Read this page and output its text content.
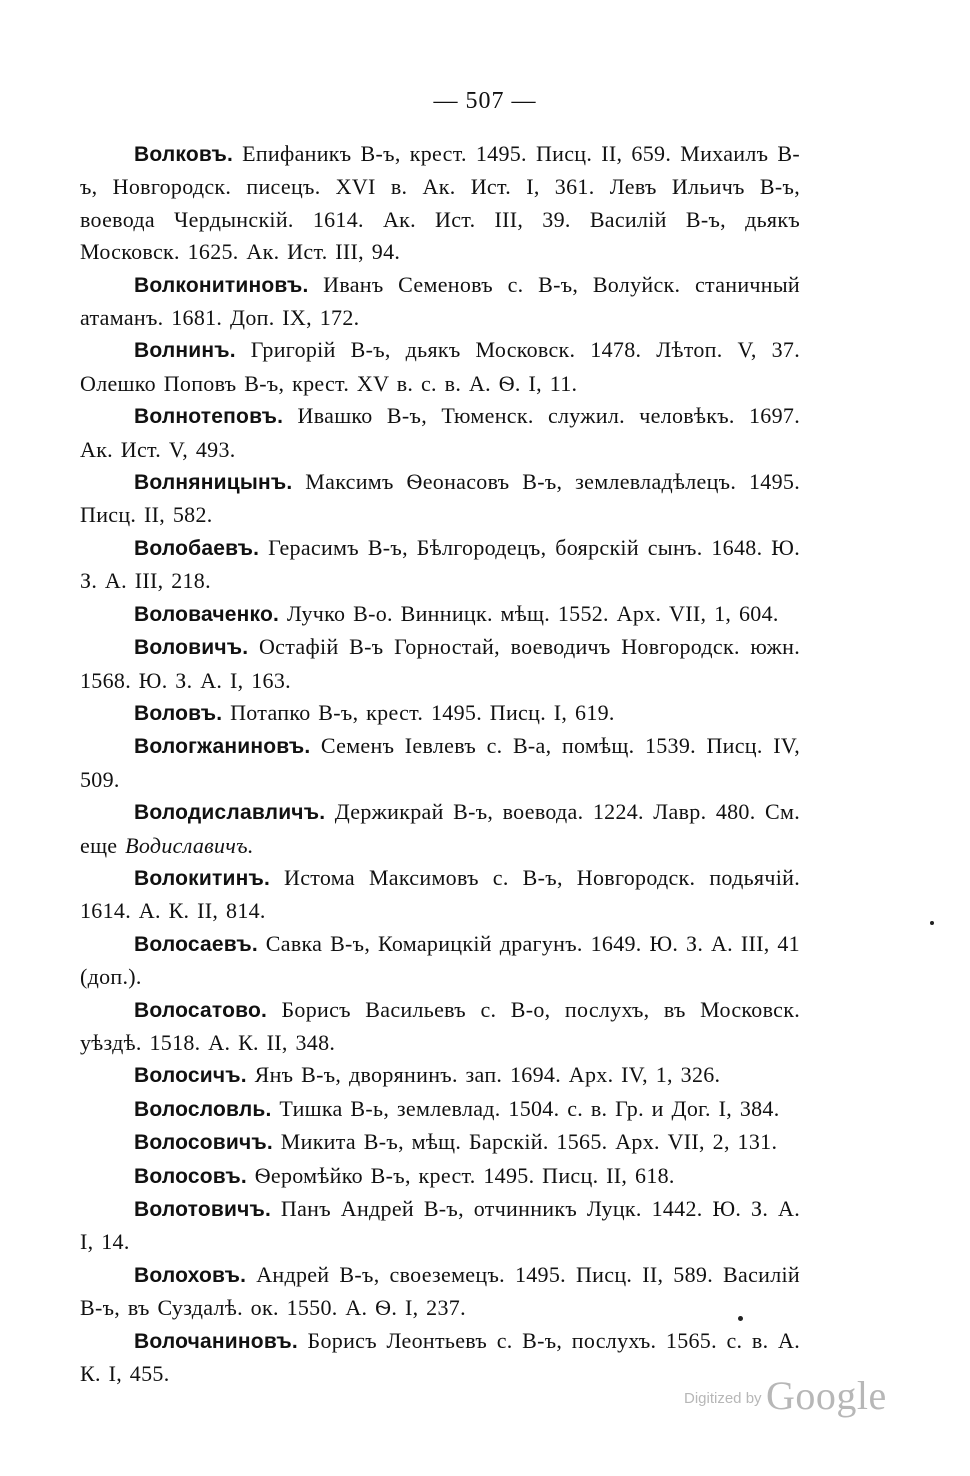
— 507 —

Волковъ. Епифаникъ В-ъ, крест. 1495. Писц. II, 659. Михаилъ В-ъ, Новгородск. писецъ. XVI в. Ак. Ист. I, 361. Левъ Ильичъ В-ъ, воевода Чердынскій. 1614. Ак. Ист. III, 39. Василій В-ъ, дьякъ Московск. 1625. Ак. Ист. III, 94.

Волконитиновъ. Иванъ Семеновъ с. В-ъ, Волуйск. станичный атаманъ. 1681. Доп. IX, 172.

Волнинъ. Григорій В-ъ, дьякъ Московск. 1478. Лѣтоп. V, 37. Олешко Поповъ В-ъ, крест. XV в. с. в. А. Ѳ. I, 11.

Волнотеповъ. Ивашко В-ъ, Тюменск. служил. человѣкъ. 1697. Ак. Ист. V, 493.

Волняницынъ. Максимъ Ѳеонасовъ В-ъ, землевладѣлецъ. 1495. Писц. II, 582.

Волобаевъ. Герасимъ В-ъ, Бѣлгородецъ, боярскій сынъ. 1648. Ю. З. А. III, 218.

Воловаченко. Лучко В-о. Винницк. мѣщ. 1552. Арх. VII, 1, 604.

Воловичъ. Остафій В-ъ Горностай, воеводичъ Новгородск. южн. 1568. Ю. З. А. I, 163.

Воловъ. Потапко В-ъ, крест. 1495. Писц. I, 619.

Вологжаниновъ. Семенъ Іевлевъ с. В-а, помѣщ. 1539. Писц. IV, 509.

Володиславличъ. Держикрай В-ъ, воевода. 1224. Лавр. 480. См. еще Водиславичъ.

Волокитинъ. Истома Максимовъ с. В-ъ, Новгородск. подьячій. 1614. А. К. II, 814.

Волосаевъ. Савка В-ъ, Комарицкій драгунъ. 1649. Ю. З. А. III, 41 (доп.).

Волосатово. Борисъ Васильевъ с. В-о, послухъ, въ Московск. уѣздѣ. 1518. А. К. II, 348.

Волосичъ. Янъ В-ъ, дворянинъ. зап. 1694. Арх. IV, 1, 326.

Волословль. Тишка В-ь, землевлад. 1504. с. в. Гр. и Дог. I, 384.

Волосовичъ. Микита В-ъ, мѣщ. Барскій. 1565. Арх. VII, 2, 131.

Волосовъ. Ѳеромѣйко В-ъ, крест. 1495. Писц. II, 618.

Волотовичъ. Панъ Андрей В-ъ, отчинникъ Луцк. 1442. Ю. З. А. I, 14.

Волоховъ. Андрей В-ъ, своеземецъ. 1495. Писц. II, 589. Василій В-ъ, въ Суздалѣ. ок. 1550. А. Ѳ. I, 237.

Волочаниновъ. Борисъ Леонтьевъ с. В-ъ, послухъ. 1565. с. в. А. К. I, 455.

Digitized by Google
